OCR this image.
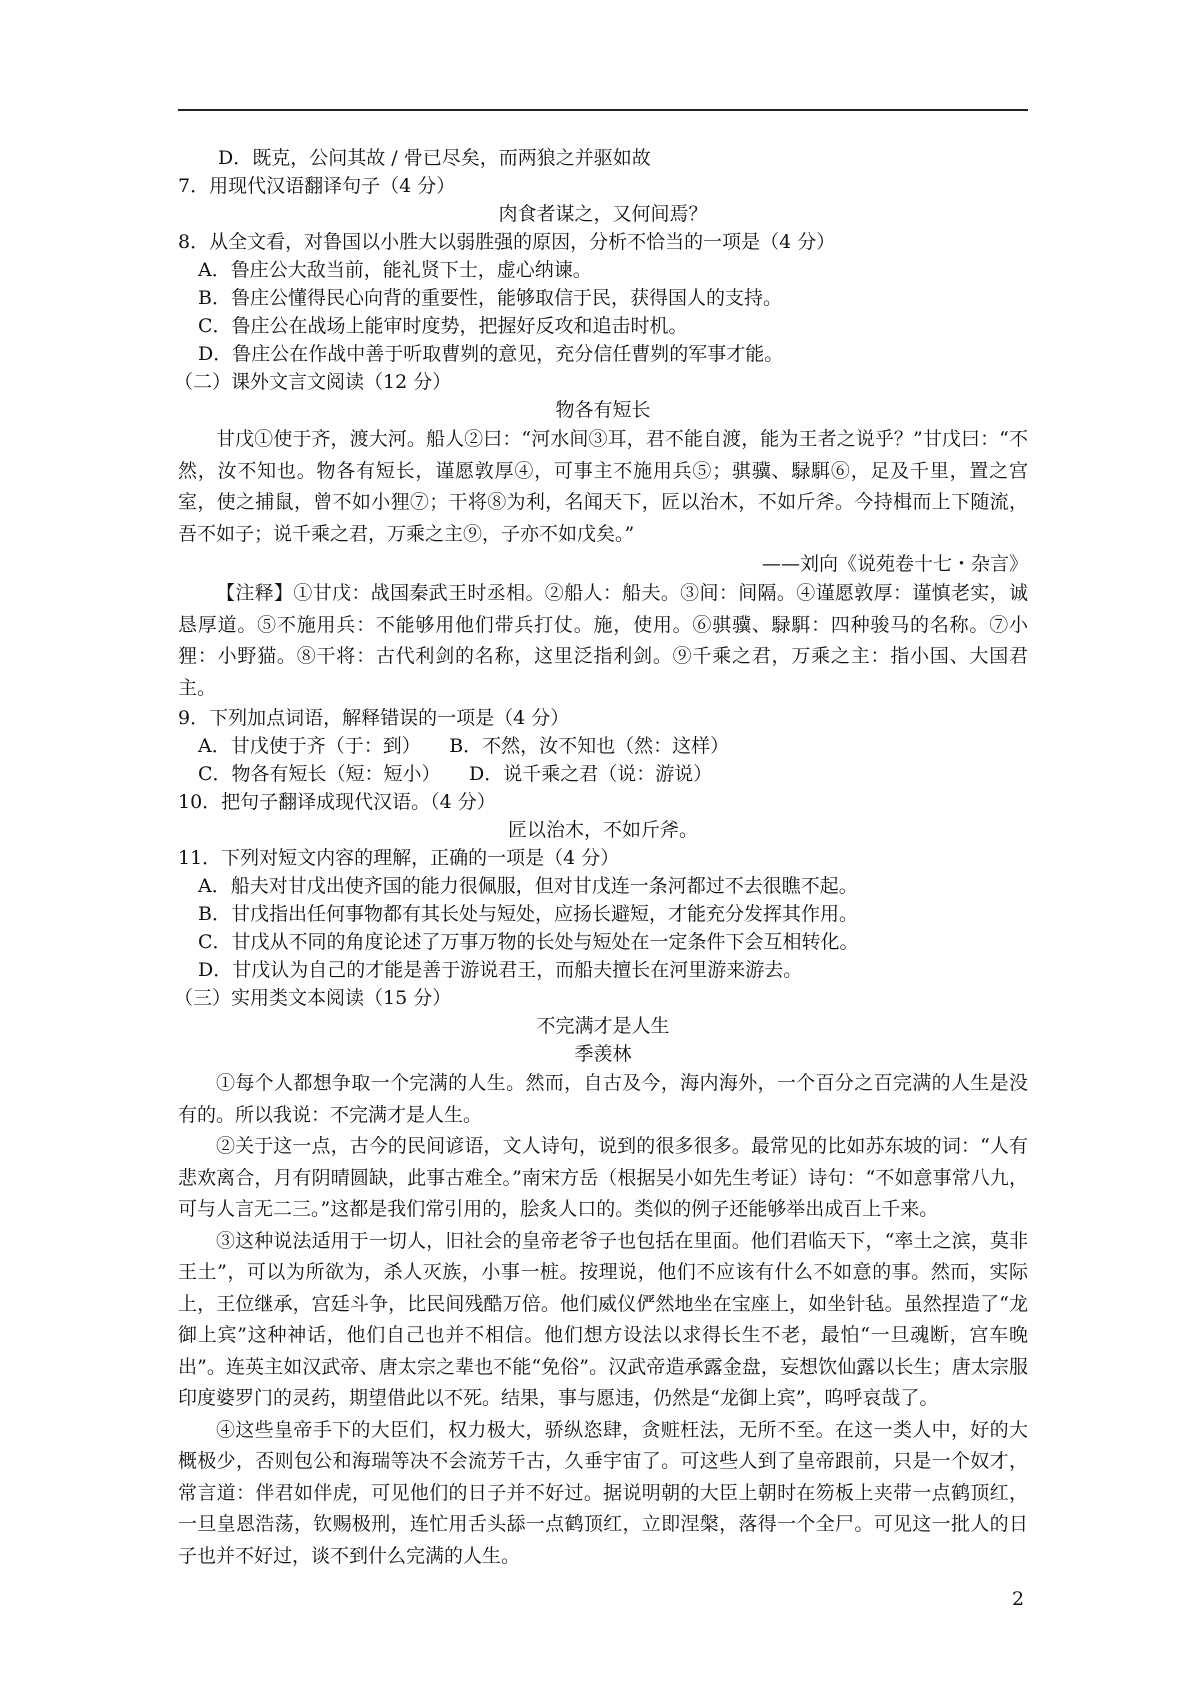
D．既克，公问其故 / 骨已尽矣，而两狼之并驱如故
7．用现代汉语翻译句子（4 分）
肉食者谋之，又何间焉？
8．从全文看，对鲁国以小胜大以弱胜强的原因，分析不恰当的一项是（4 分）
A．鲁庄公大敌当前，能礼贤下士，虚心纳谏。
B．鲁庄公懂得民心向背的重要性，能够取信于民，获得国人的支持。
C．鲁庄公在战场上能审时度势，把握好反攻和追击时机。
D．鲁庄公在作战中善于听取曹刿的意见，充分信任曹刿的军事才能。
（二）课外文言文阅读（12 分）
物各有短长
甘戊①使于齐，渡大河。船人②曰：“河水间③耳，君不能自渡，能为王者之说乎？”甘戊曰：“不然，汝不知也。物各有短长，谨愿敦厚④，可事主不施用兵⑤；骐骥、騄駬⑥，足及千里，置之宫室，使之捕鼠，曾不如小狸⑦；干将⑧为利，名闻天下，匠以治木，不如斤斧。今持楫而上下随流，吾不如子；说千乘之君，万乘之主⑨，子亦不如戊矣。”
——刘向《说苑卷十七・杂言》
【注释】①甘戊：战国秦武王时丞相。②船人：船夫。③间：间隔。④谨愿敦厚：谨慎老实，诚恳厚道。⑤不施用兵：不能够用他们带兵打仗。施，使用。⑥骐骥、騄駬：四种骏马的名称。⑦小狸：小野猫。⑧干将：古代利剑的名称，这里泛指利剑。⑨千乘之君，万乘之主：指小国、大国君主。
9．下列加点词语，解释错误的一项是（4 分）
A．甘戊使于齐（于：到）　　B．不然，汝不知也（然：这样）
C．物各有短长（短：短小）　　D．说千乘之君（说：游说）
10．把句子翻译成现代汉语。（4 分）
匠以治木，不如斤斧。
11．下列对短文内容的理解，正确的一项是（4 分）
A．船夫对甘戊出使齐国的能力很佩服，但对甘戊连一条河都过不去很瞧不起。
B．甘戊指出任何事物都有其长处与短处，应扬长避短，才能充分发挥其作用。
C．甘戊从不同的角度论述了万事万物的长处与短处在一定条件下会互相转化。
D．甘戊认为自己的才能是善于游说君王，而船夫擅长在河里游来游去。
（三）实用类文本阅读（15 分）
不完满才是人生
季羡林
①每个人都想争取一个完满的人生。然而，自古及今，海内海外，一个百分之百完满的人生是没有的。所以我说：不完满才是人生。
②关于这一点，古今的民间谚语，文人诗句，说到的很多很多。最常见的比如苏东坡的词：“人有悲欢离合，月有阴晴圆缺，此事古难全。”南宋方岳（根据吴小如先生考证）诗句：“不如意事常八九，可与人言无二三。”这都是我们常引用的，脍炙人口的。类似的例子还能够举出成百上千来。
③这种说法适用于一切人，旧社会的皇帝老爷子也包括在里面。他们君临天下，“率土之滨，莫非王土”，可以为所欲为，杀人灭族，小事一桩。按理说，他们不应该有什么不如意的事。然而，实际上，王位继承，宫廷斗争，比民间残酷万倍。他们威仪俨然地坐在宝座上，如坐针毡。虽然捏造了“龙御上宾”这种神话，他们自己也并不相信。他们想方设法以求得长生不老，最怕“一旦魂断，宫车晚出”。连英主如汉武帝、唐太宗之辈也不能“免俗”。汉武帝造承露金盘，妄想饮仙露以长生；唐太宗服印度婆罗门的灵药，期望借此以不死。结果，事与愿违，仍然是“龙御上宾”，呜呼哀哉了。
④这些皇帝手下的大臣们，权力极大，骄纵恣肆，贪赃枉法，无所不至。在这一类人中，好的大概极少，否则包公和海瑞等决不会流芳千古，久垂宇宙了。可这些人到了皇帝跟前，只是一个奴才，常言道：伴君如伴虎，可见他们的日子并不好过。据说明朝的大臣上朝时在笏板上夹带一点鹤顶红，一旦皇恩浩荡，钦赐极刑，连忙用舌头舔一点鹤顶红，立即涅槃，落得一个全尸。可见这一批人的日子也并不好过，谈不到什么完满的人生。
2
